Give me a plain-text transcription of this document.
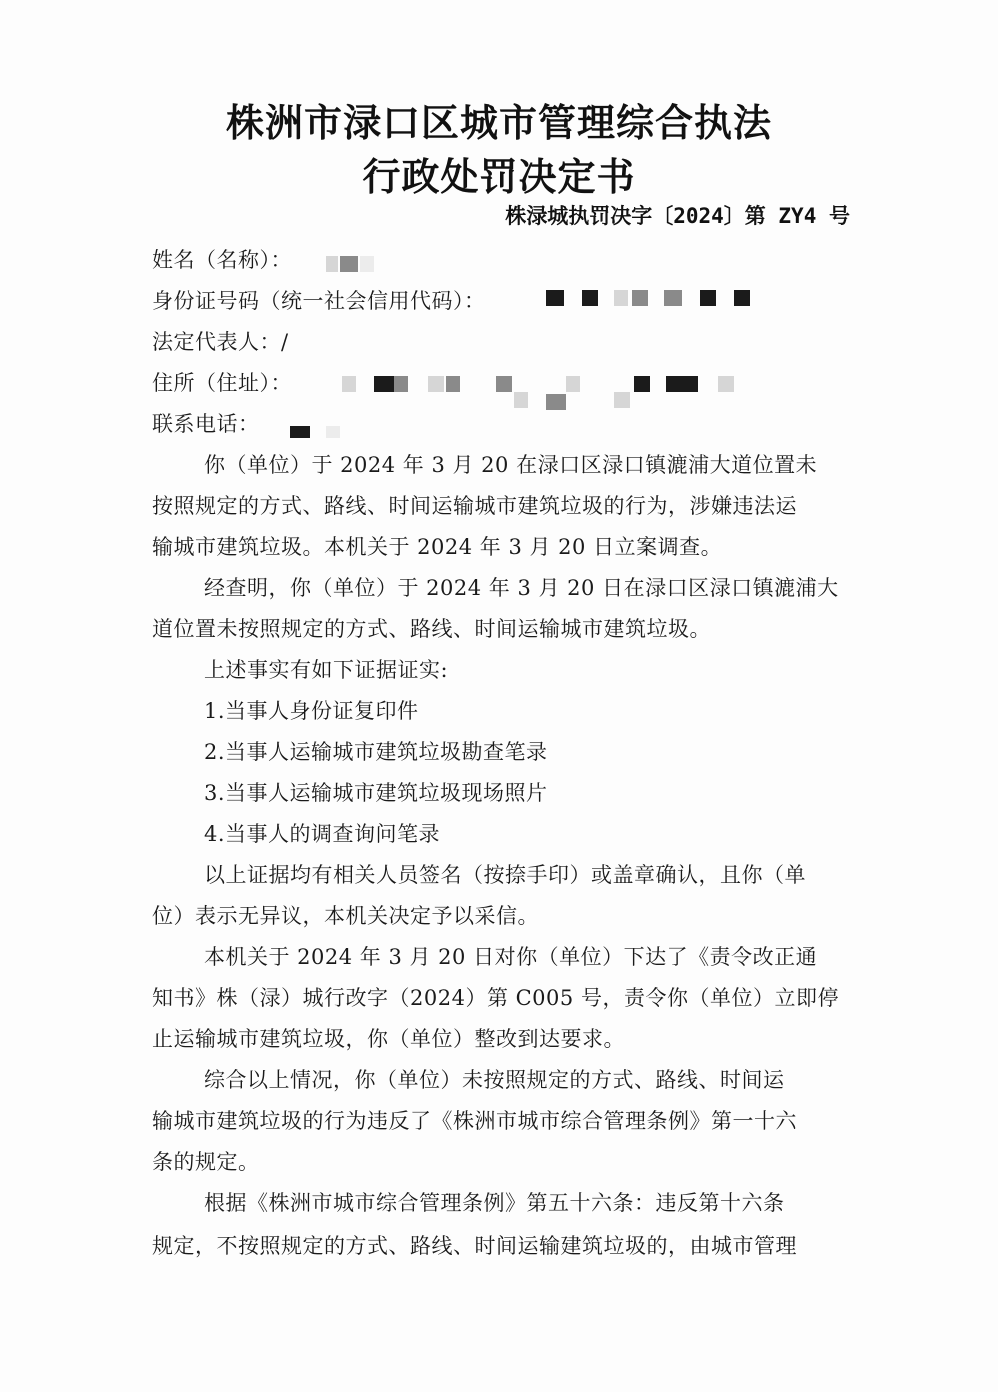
株洲市渌口区城市管理综合执法
行政处罚决定书
株渌城执罚决字〔2024〕第 ZY4 号
姓名（名称）：
身份证号码（统一社会信用代码）：
法定代表人：/
住所（住址）：
联系电话：
你（单位）于 2024 年 3 月 20 在渌口区渌口镇漉浦大道位置未
按照规定的方式、路线、时间运输城市建筑垃圾的行为，涉嫌违法运
输城市建筑垃圾。本机关于 2024 年 3 月 20 日立案调查。
经查明，你（单位）于 2024 年 3 月 20 日在渌口区渌口镇漉浦大
道位置未按照规定的方式、路线、时间运输城市建筑垃圾。
上述事实有如下证据证实:
1.当事人身份证复印件
2.当事人运输城市建筑垃圾勘查笔录
3.当事人运输城市建筑垃圾现场照片
4.当事人的调查询问笔录
以上证据均有相关人员签名（按捺手印）或盖章确认，且你（单
位）表示无异议，本机关决定予以采信。
本机关于 2024 年 3 月 20 日对你（单位）下达了《责令改正通
知书》株（渌）城行改字（2024）第 C005 号，责令你（单位）立即停
止运输城市建筑垃圾，你（单位）整改到达要求。
综合以上情况，你（单位）未按照规定的方式、路线、时间运
输城市建筑垃圾的行为违反了《株洲市城市综合管理条例》第一十六
条的规定。
根据《株洲市城市综合管理条例》第五十六条：违反第十六条
规定，不按照规定的方式、路线、时间运输建筑垃圾的，由城市管理
